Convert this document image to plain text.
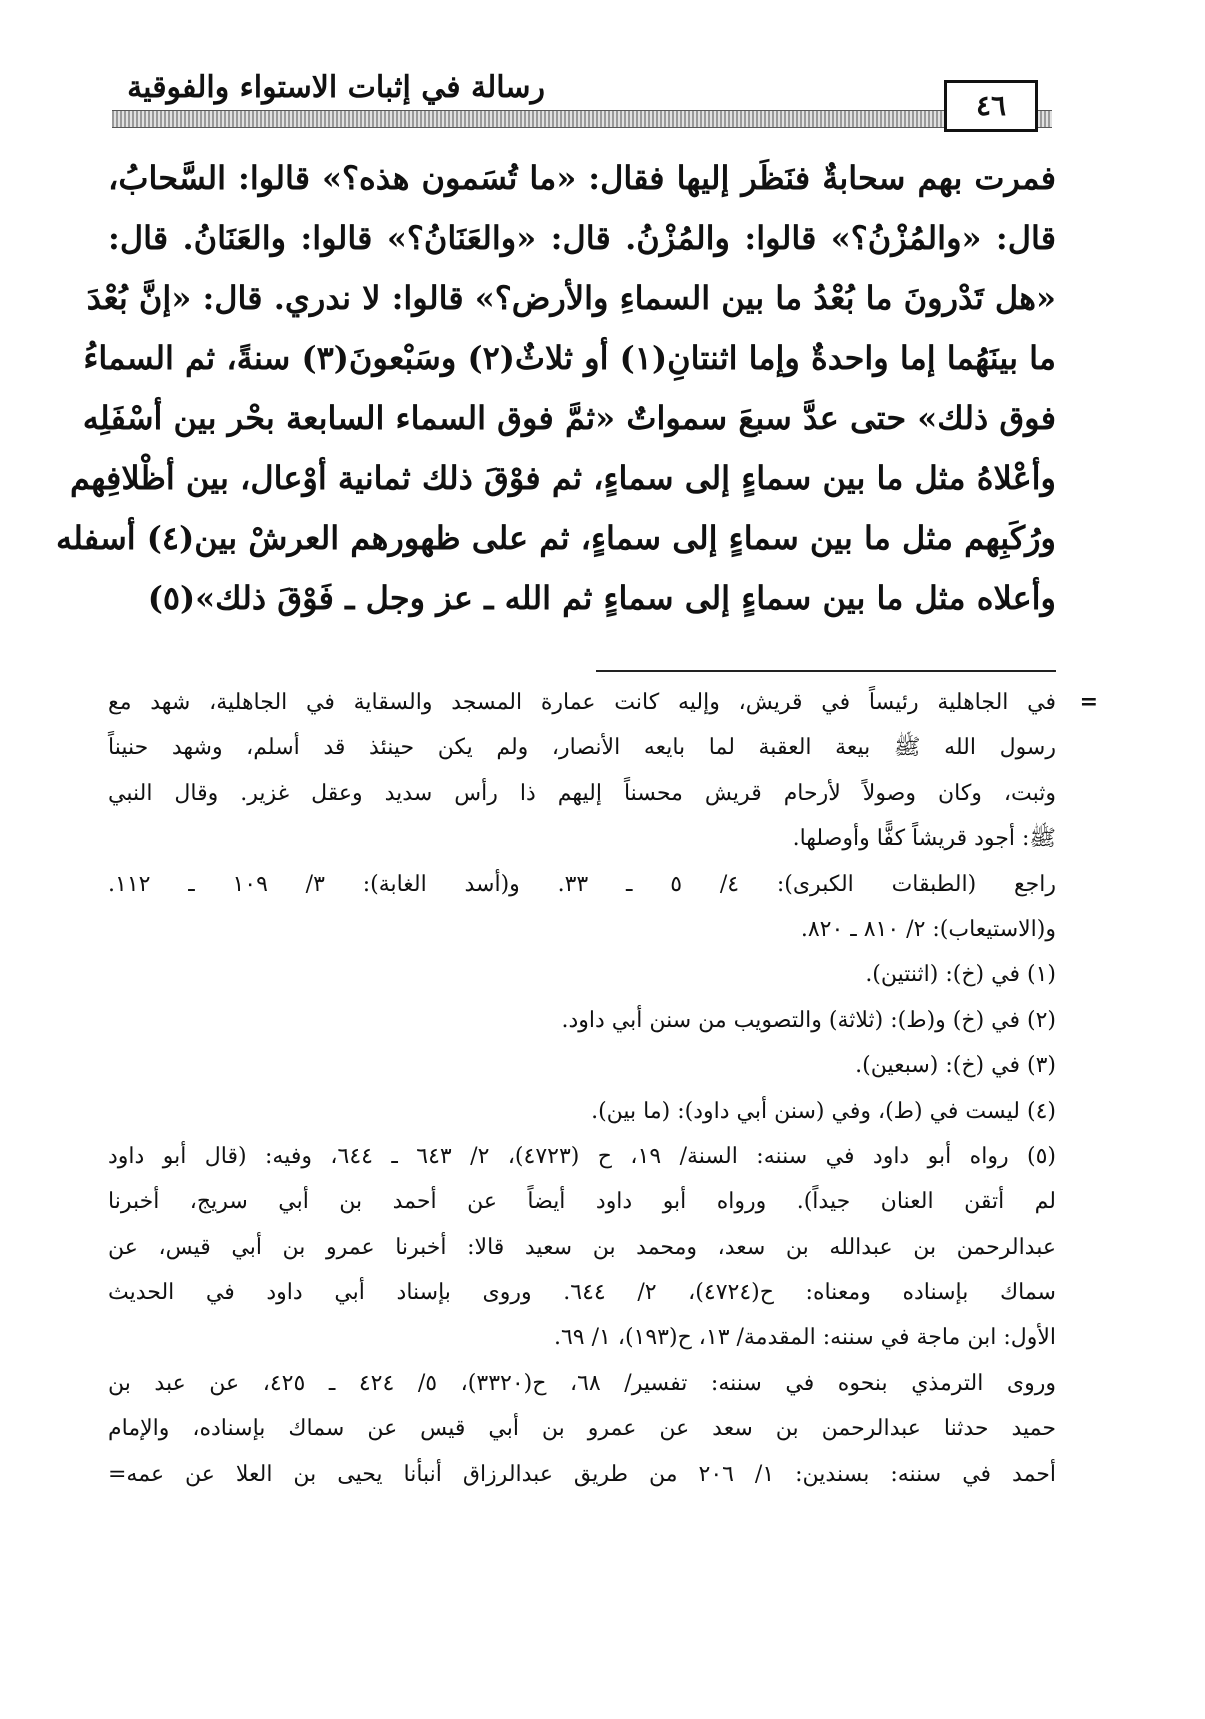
رسالة في إثبات الاستواء والفوقية
٤٦

فمرت بهم سحابةٌ فنَظَر إليها فقال: «ما تُسَمون هذه؟» قالوا: السَّحابُ،

قال: «والمُزْنُ؟» قالوا: والمُزْنُ. قال: «والعَنَانُ؟» قالوا: والعَنَانُ. قال:

«هل تَدْرونَ ما بُعْدُ ما بين السماءِ والأرض؟» قالوا: لا ندري. قال: «إنَّ بُعْدَ

ما بينَهُما إما واحدةٌ وإما اثنتانِ(١) أو ثلاثٌ(٢) وسَبْعونَ(٣) سنةً، ثم السماءُ

فوق ذلك» حتى عدَّ سبعَ سمواتٌ «ثمَّ فوق السماء السابعة بحْر بين أسْفَلِه

وأعْلاهُ مثل ما بين سماءٍ إلى سماءٍ، ثم فوْقَ ذلك ثمانية أوْعال، بين أظْلافِهم

ورُكَبِهم مثل ما بين سماءٍ إلى سماءٍ، ثم على ظهورهم العرشْ بين(٤) أسفله

وأعلاه مثل ما بين سماءٍ إلى سماءٍ ثم الله ـ عز وجل ـ فَوْقَ ذلك»(٥)

=
في الجاهلية رئيساً في قريش، وإليه كانت عمارة المسجد والسقاية في الجاهلية، شهد مع

رسول الله ﷺ بيعة العقبة لما بايعه الأنصار، ولم يكن حينئذ قد أسلم، وشهد حنيناً

وثبت، وكان وصولاً لأرحام قريش محسناً إليهم ذا رأس سديد وعقل غزير. وقال النبي

ﷺ: أجود قريشاً كفًّا وأوصلها.

راجع (الطبقات الكبرى): ٤/ ٥ ـ ٣٣. و(أسد الغابة): ٣/ ١٠٩ ـ ١١٢.

و(الاستيعاب): ٢/ ٨١٠ ـ ٨٢٠.

(١) في (خ): (اثنتين).

(٢) في (خ) و(ط): (ثلاثة) والتصويب من سنن أبي داود.

(٣) في (خ): (سبعين).

(٤) ليست في (ط)، وفي (سنن أبي داود): (ما بين).

(٥) رواه أبو داود في سننه: السنة/ ١٩، ح (٤٧٢٣)، ٢/ ٦٤٣ ـ ٦٤٤، وفيه: (قال أبو داود

لم أتقن العنان جيداً). ورواه أبو داود أيضاً عن أحمد بن أبي سريج، أخبرنا

عبدالرحمن بن عبدالله بن سعد، ومحمد بن سعيد قالا: أخبرنا عمرو بن أبي قيس، عن

سماك بإسناده ومعناه: ح(٤٧٢٤)، ٢/ ٦٤٤. وروى بإسناد أبي داود في الحديث

الأول: ابن ماجة في سننه: المقدمة/ ١٣، ح(١٩٣)، ١/ ٦٩.

وروى الترمذي بنحوه في سننه: تفسير/ ٦٨، ح(٣٣٢٠)، ٥/ ٤٢٤ ـ ٤٢٥، عن عبد بن

حميد حدثنا عبدالرحمن بن سعد عن عمرو بن أبي قيس عن سماك بإسناده، والإمام

أحمد في سننه: بسندين: ١/ ٢٠٦ من طريق عبدالرزاق أنبأنا يحيى بن العلا عن عمه=
